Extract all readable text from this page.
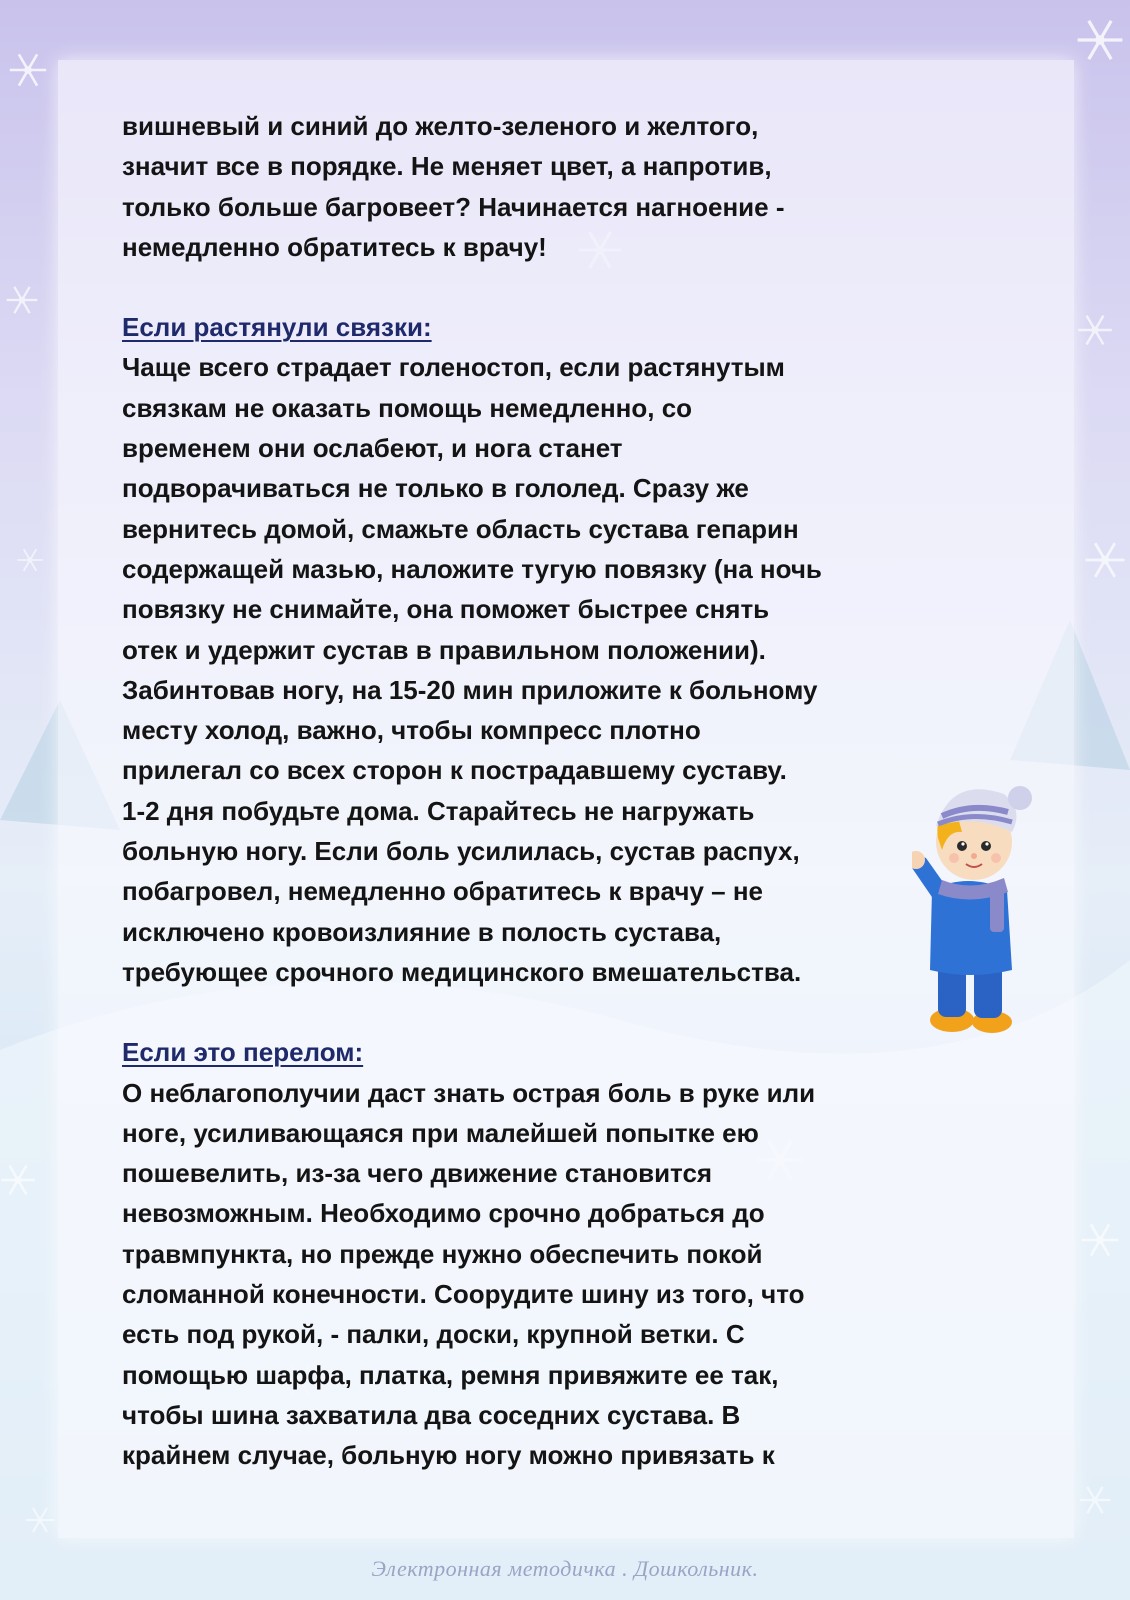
вишневый и синий до желто-зеленого и желтого,

значит все в порядке. Не меняет цвет, а напротив,

только больше багровеет? Начинается нагноение -

немедленно обратитесь к врачу!

Если растянули связки:

Чаще всего страдает голеностоп, если растянутым

связкам не оказать помощь немедленно, со

временем они ослабеют, и нога станет

подворачиваться не только в гололед. Сразу же

вернитесь домой, смажьте область сустава гепарин

содержащей мазью, наложите тугую повязку (на ночь

повязку не снимайте, она поможет быстрее снять

отек и удержит сустав в правильном положении).

Забинтовав ногу, на 15-20 мин приложите к больному

месту холод, важно, чтобы компресс плотно

прилегал со всех сторон к пострадавшему суставу.

1-2 дня побудьте дома. Старайтесь не нагружать

больную ногу. Если боль усилилась, сустав распух,

побагровел, немедленно обратитесь к врачу – не

исключено кровоизлияние в полость сустава,

требующее срочного медицинского вмешательства.

Если это перелом:

О неблагополучии даст знать острая боль в руке или

ноге, усиливающаяся при малейшей попытке ею

пошевелить, из-за чего движение становится

невозможным. Необходимо срочно добраться до

травмпункта, но прежде нужно обеспечить покой

сломанной конечности. Соорудите шину из того, что

есть под рукой, - палки, доски, крупной ветки. С

помощью шарфа, платка, ремня привяжите ее так,

чтобы шина захватила два соседних сустава. В

крайнем случае, больную ногу можно привязать к

Электронная методичка . Дошкольник.
